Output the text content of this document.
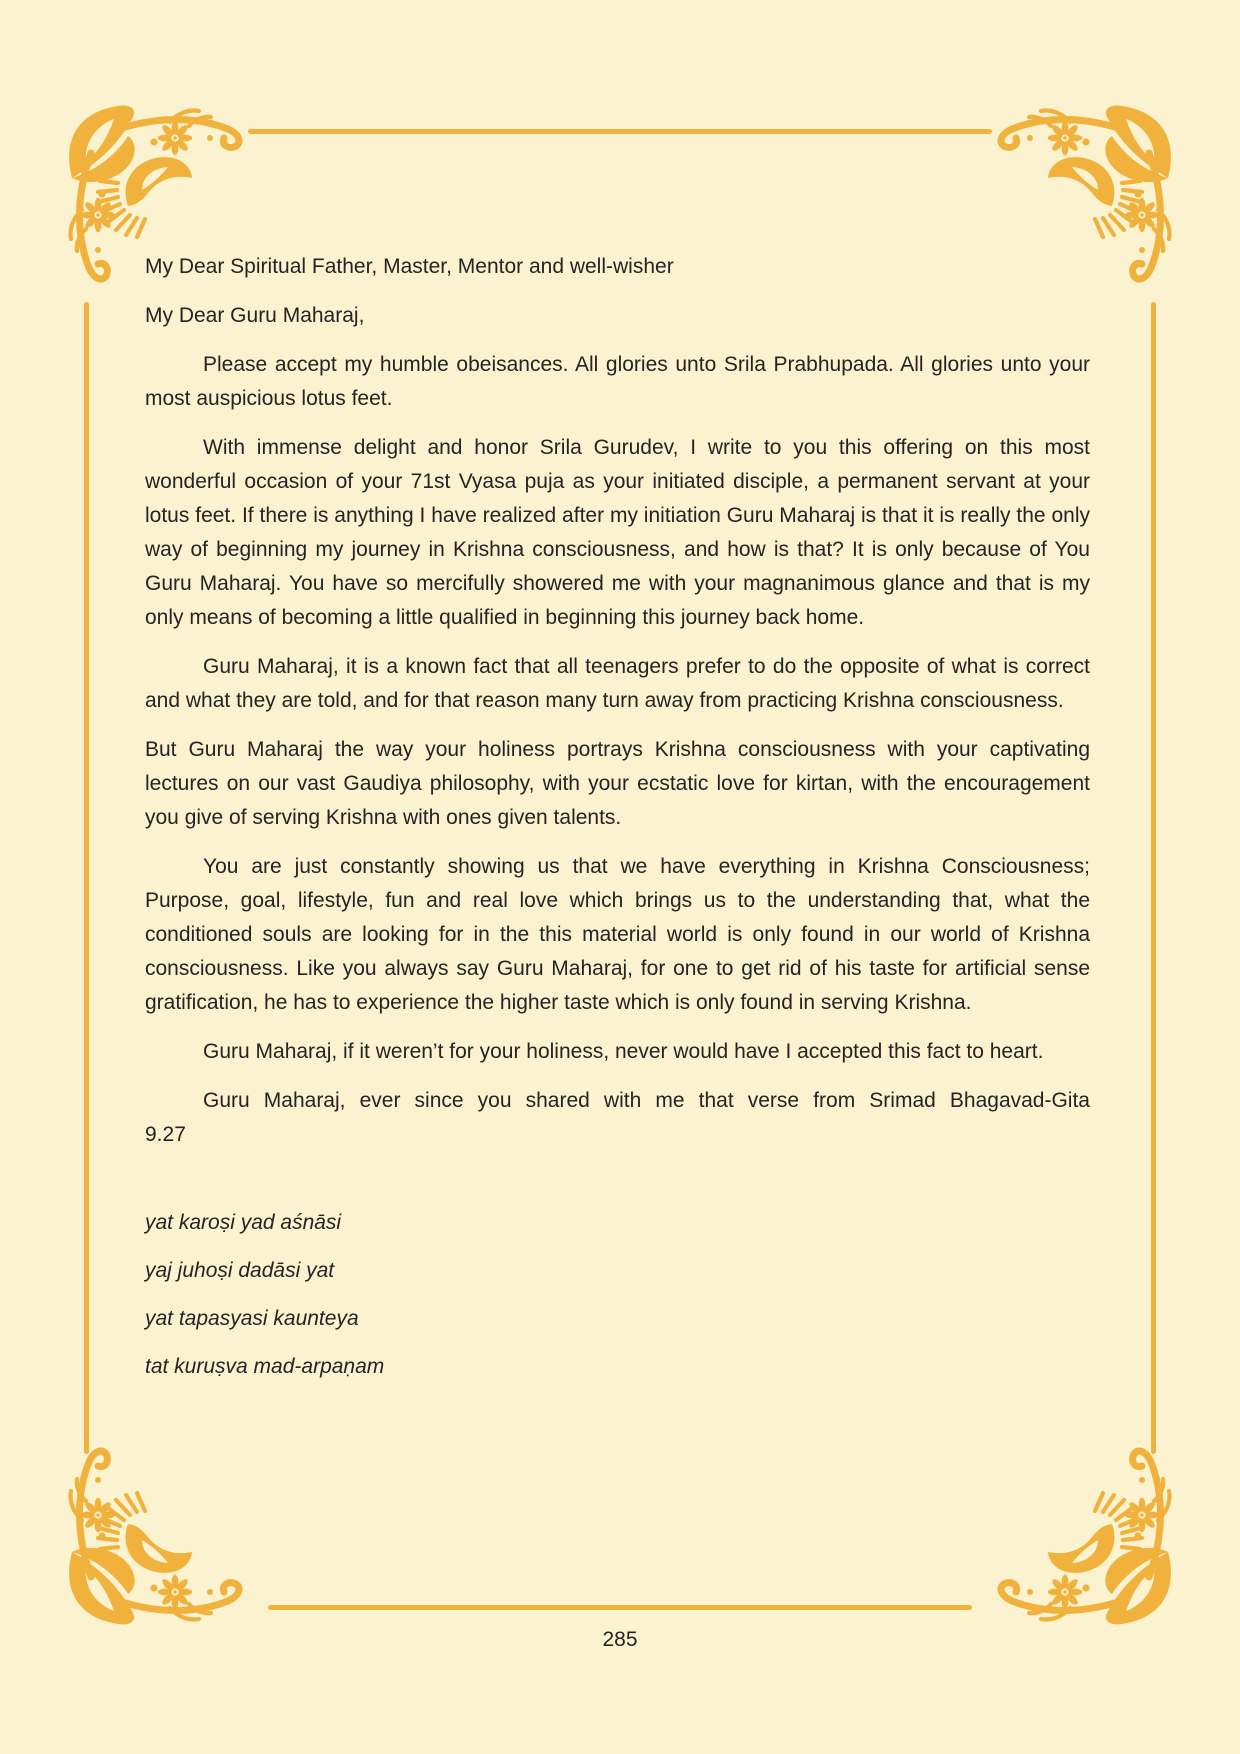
My Dear Spiritual Father, Master, Mentor and well-wisher

My Dear Guru Maharaj,

Please accept my humble obeisances. All glories unto Srila Prabhupada. All glories unto your most auspicious lotus feet.

With immense delight and honor Srila Gurudev, I write to you this offering on this most wonderful occasion of your 71st Vyasa puja as your initiated disciple, a permanent servant at your lotus feet. If there is anything I have realized after my initiation Guru Maharaj is that it is really the only way of beginning my journey in Krishna consciousness, and how is that? It is only because of You Guru Maharaj. You have so mercifully showered me with your magnanimous glance and that is my only means of becoming a little qualified in beginning this journey back home.

Guru Maharaj, it is a known fact that all teenagers prefer to do the opposite of what is correct and what they are told, and for that reason many turn away from practicing Krishna consciousness.

But Guru Maharaj the way your holiness portrays Krishna consciousness with your captivating lectures on our vast Gaudiya philosophy, with your ecstatic love for kirtan, with the encouragement you give of serving Krishna with ones given talents.

You are just constantly showing us that we have everything in Krishna Consciousness; Purpose, goal, lifestyle, fun and real love which brings us to the understanding that, what the conditioned souls are looking for in the this material world is only found in our world of Krishna consciousness. Like you always say Guru Maharaj, for one to get rid of his taste for artificial sense gratification, he has to experience the higher taste which is only found in serving Krishna.

Guru Maharaj, if it weren’t for your holiness, never would have I accepted this fact to heart.

Guru Maharaj, ever since you shared with me that verse from Srimad Bhagavad-Gita
9.27

yat karoṣi yad aśnāsi

yaj juhoṣi dadāsi yat

yat tapasyasi kaunteya

tat kuruṣva mad-arpaṇam

285
